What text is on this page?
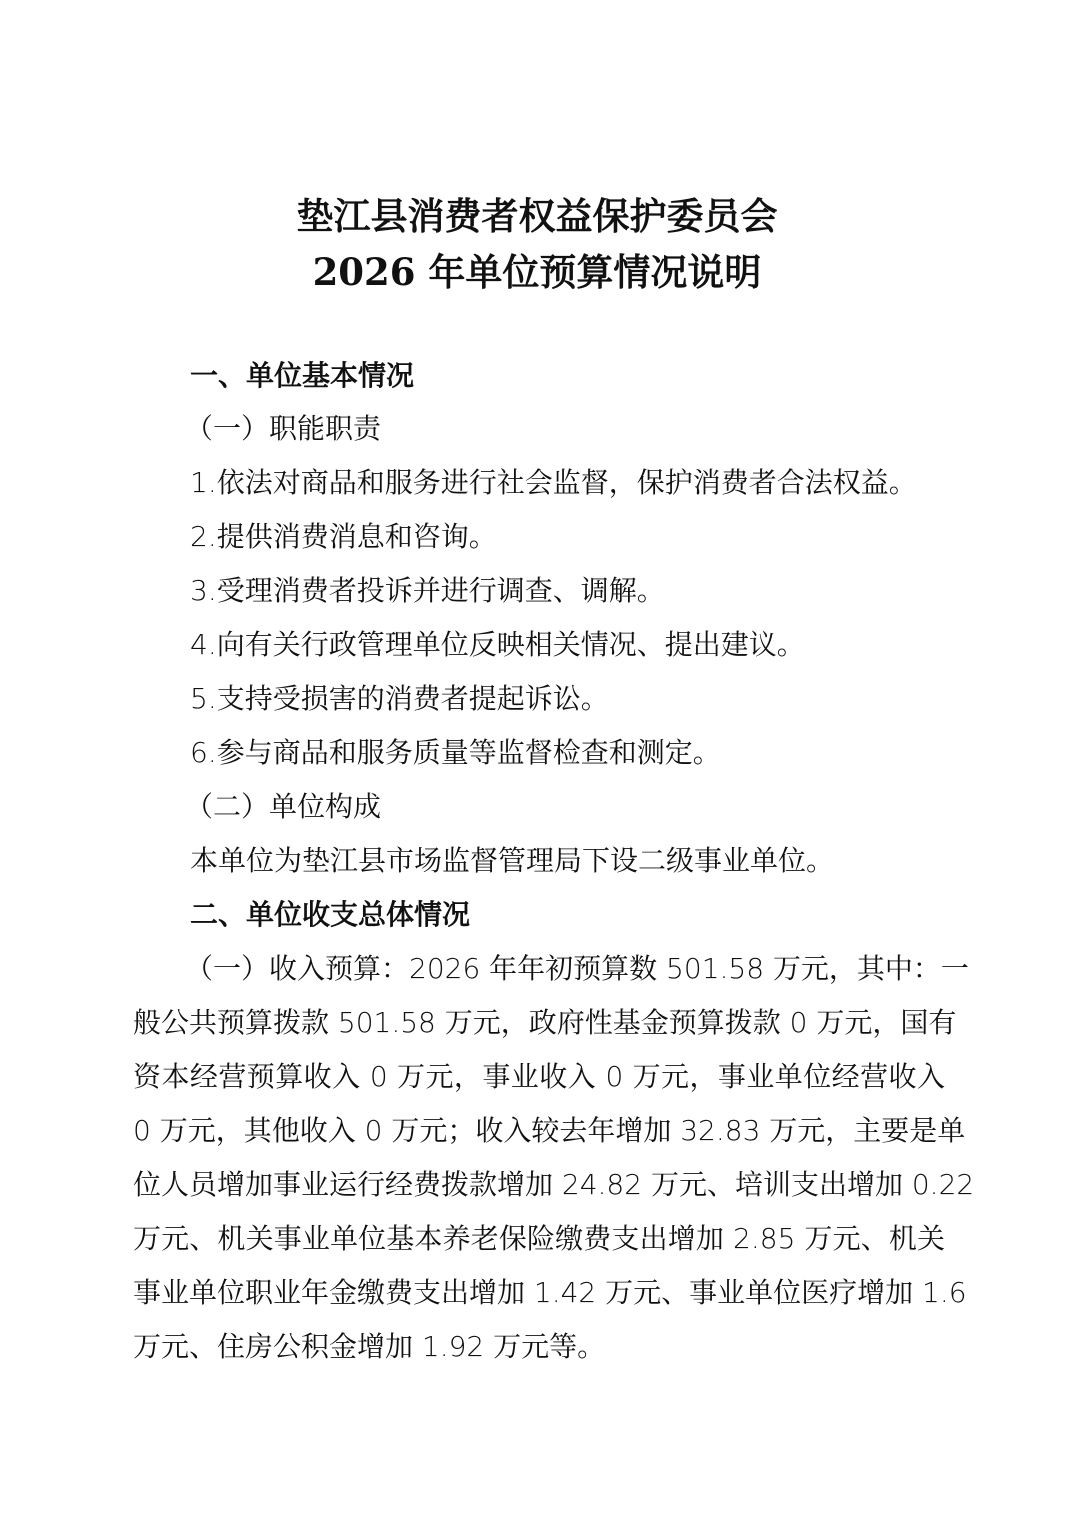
垫江县消费者权益保护委员会
2026 年单位预算情况说明
一、单位基本情况
（一）职能职责
1.依法对商品和服务进行社会监督，保护消费者合法权益。
2.提供消费消息和咨询。
3.受理消费者投诉并进行调查、调解。
4.向有关行政管理单位反映相关情况、提出建议。
5.支持受损害的消费者提起诉讼。
6.参与商品和服务质量等监督检查和测定。
（二）单位构成
本单位为垫江县市场监督管理局下设二级事业单位。
二、单位收支总体情况
（一）收入预算：2026 年年初预算数 501.58 万元，其中：一
般公共预算拨款 501.58 万元，政府性基金预算拨款 0 万元，国有
资本经营预算收入 0 万元，事业收入 0 万元，事业单位经营收入
0 万元，其他收入 0 万元；收入较去年增加 32.83 万元，主要是单
位人员增加事业运行经费拨款增加 24.82 万元、培训支出增加 0.22
万元、机关事业单位基本养老保险缴费支出增加 2.85 万元、机关
事业单位职业年金缴费支出增加 1.42 万元、事业单位医疗增加 1.6
万元、住房公积金增加 1.92 万元等。
